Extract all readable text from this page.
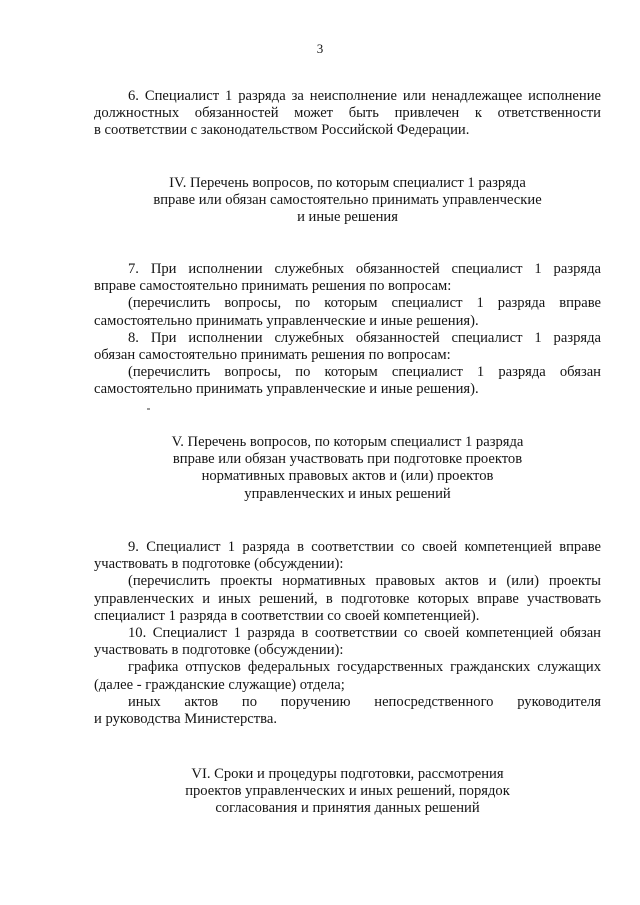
3
6. Специалист 1 разряда за неисполнение или ненадлежащее исполнение
должностных обязанностей может быть привлечен к ответственности
в соответствии с законодательством Российской Федерации.
IV. Перечень вопросов, по которым специалист 1 разряда
вправе или обязан самостоятельно принимать управленческие
и иные решения
7. При исполнении служебных обязанностей специалист 1 разряда
вправе самостоятельно принимать решения по вопросам:
(перечислить вопросы, по которым специалист 1 разряда вправе
самостоятельно принимать управленческие и иные решения).
8. При исполнении служебных обязанностей специалист 1 разряда
обязан самостоятельно принимать решения по вопросам:
(перечислить вопросы, по которым специалист 1 разряда обязан
самостоятельно принимать управленческие и иные решения).
V. Перечень вопросов, по которым специалист 1 разряда
вправе или обязан участвовать при подготовке проектов
нормативных правовых актов и (или) проектов
управленческих и иных решений
9. Специалист 1 разряда в соответствии со своей компетенцией вправе
участвовать в подготовке (обсуждении):
(перечислить проекты нормативных правовых актов и (или) проекты
управленческих и иных решений, в подготовке которых вправе участвовать
специалист 1 разряда в соответствии со своей компетенцией).
10. Специалист 1 разряда в соответствии со своей компетенцией обязан
участвовать в подготовке (обсуждении):
графика отпусков федеральных государственных гражданских служащих
(далее - гражданские служащие) отдела;
иных актов по поручению непосредственного руководителя
и руководства Министерства.
VI. Сроки и процедуры подготовки, рассмотрения
проектов управленческих и иных решений, порядок
согласования и принятия данных решений
